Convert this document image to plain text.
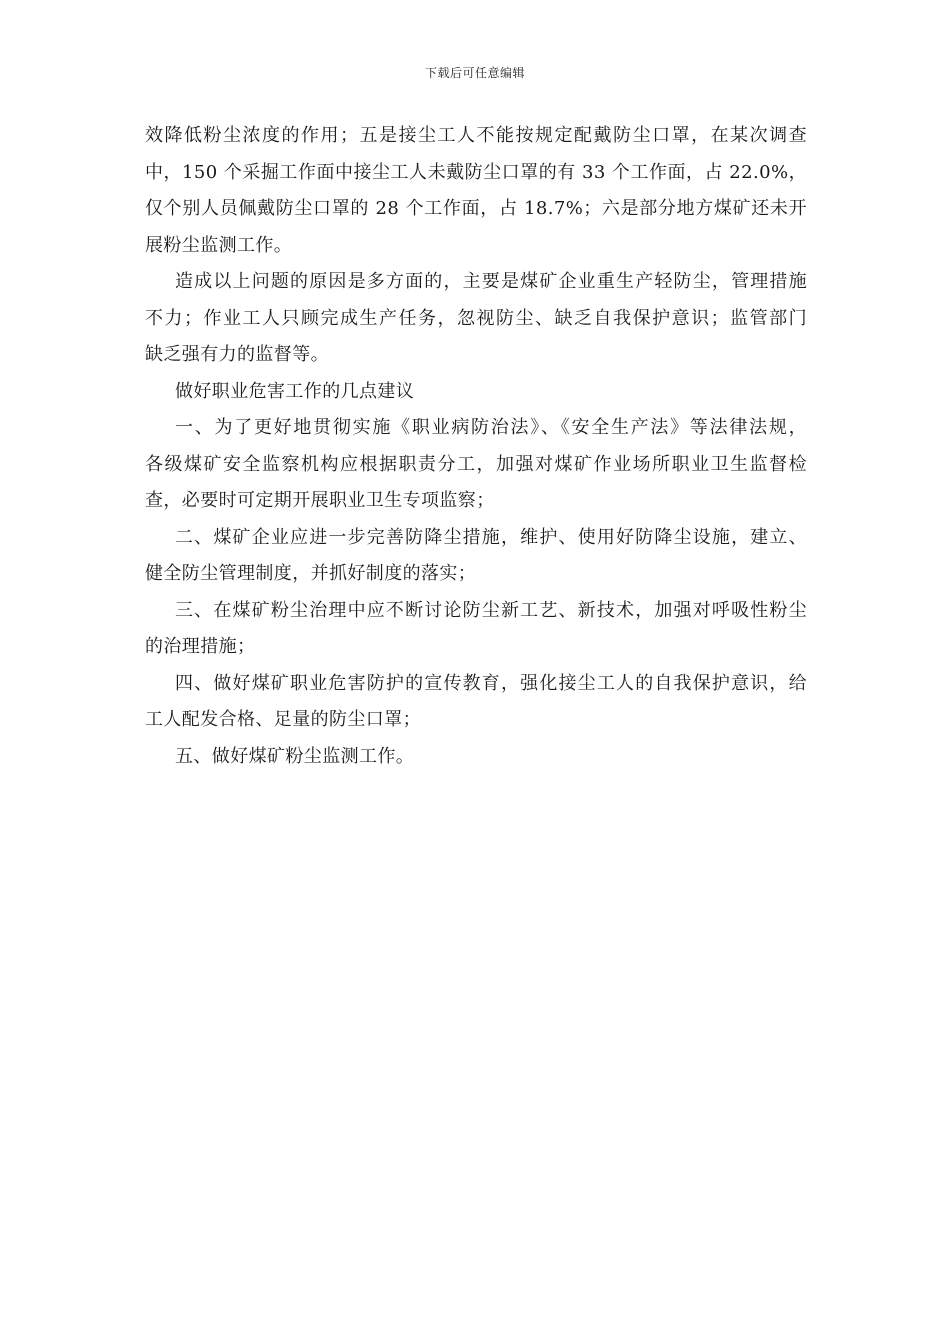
下载后可任意编辑

效降低粉尘浓度的作用；五是接尘工人不能按规定配戴防尘口罩，在某次调查
中，150 个采掘工作面中接尘工人未戴防尘口罩的有 33 个工作面，占 22.0%，
仅个别人员佩戴防尘口罩的 28 个工作面，占 18.7%；六是部分地方煤矿还未开
展粉尘监测工作。

造成以上问题的原因是多方面的，主要是煤矿企业重生产轻防尘，管理措施
不力；作业工人只顾完成生产任务，忽视防尘、缺乏自我保护意识；监管部门
缺乏强有力的监督等。

做好职业危害工作的几点建议

一、为了更好地贯彻实施《职业病防治法》、《安全生产法》等法律法规，
各级煤矿安全监察机构应根据职责分工，加强对煤矿作业场所职业卫生监督检
查，必要时可定期开展职业卫生专项监察；

二、煤矿企业应进一步完善防降尘措施，维护、使用好防降尘设施，建立、
健全防尘管理制度，并抓好制度的落实；

三、在煤矿粉尘治理中应不断讨论防尘新工艺、新技术，加强对呼吸性粉尘
的治理措施；

四、做好煤矿职业危害防护的宣传教育，强化接尘工人的自我保护意识，给
工人配发合格、足量的防尘口罩；

五、做好煤矿粉尘监测工作。
